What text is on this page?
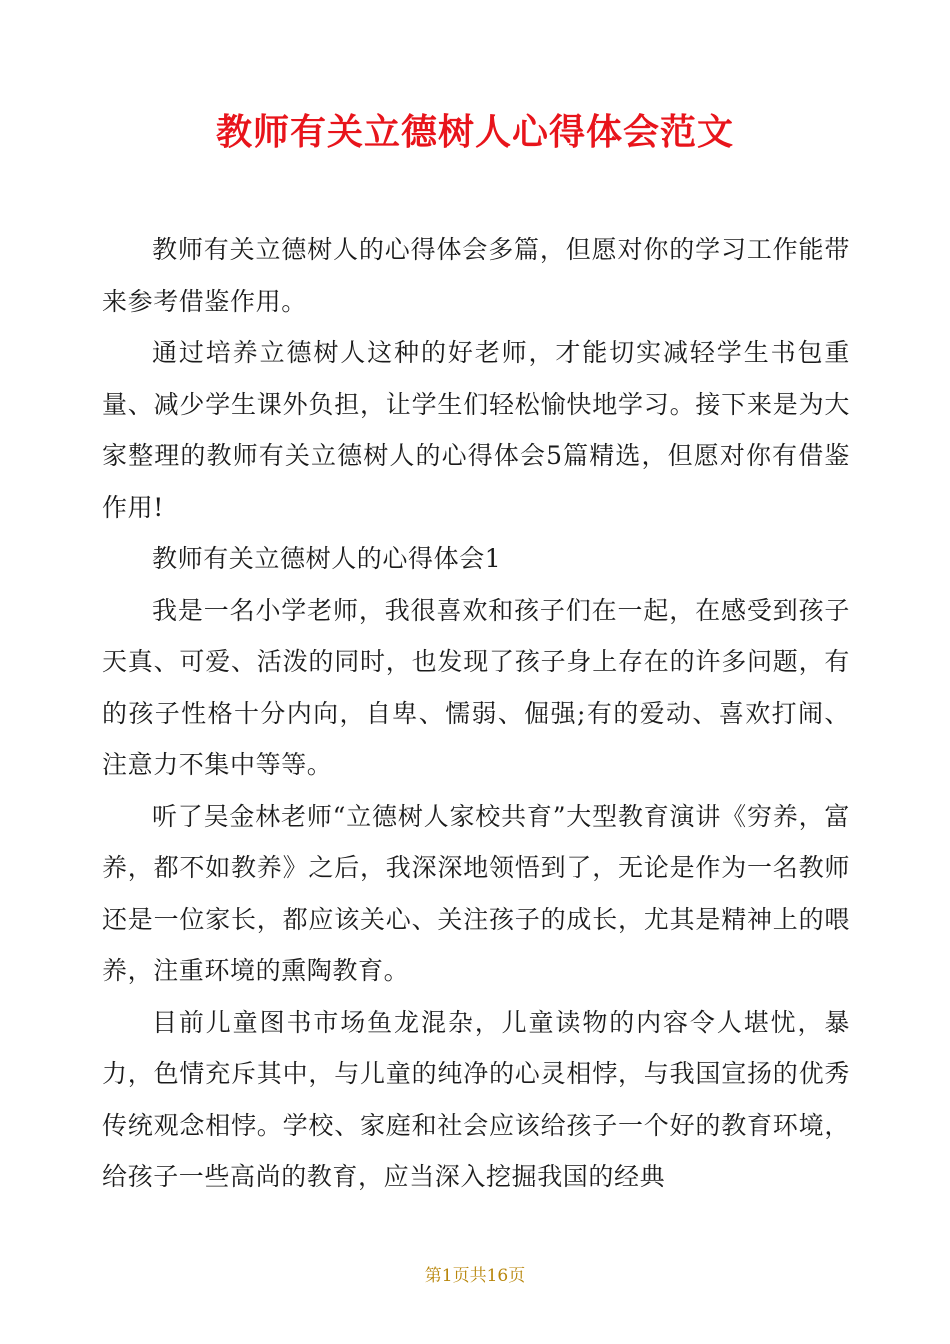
教师有关立德树人心得体会范文

教师有关立德树人的心得体会多篇，但愿对你的学习工作能带来参考借鉴作用。

通过培养立德树人这种的好老师，才能切实减轻学生书包重量、减少学生课外负担，让学生们轻松愉快地学习。接下来是为大家整理的教师有关立德树人的心得体会5篇精选，但愿对你有借鉴作用!

教师有关立德树人的心得体会1

我是一名小学老师，我很喜欢和孩子们在一起，在感受到孩子天真、可爱、活泼的同时，也发现了孩子身上存在的许多问题，有的孩子性格十分内向，自卑、懦弱、倔强;有的爱动、喜欢打闹、注意力不集中等等。

听了吴金林老师“立德树人家校共育”大型教育演讲《穷养，富养，都不如教养》之后，我深深地领悟到了，无论是作为一名教师还是一位家长，都应该关心、关注孩子的成长，尤其是精神上的喂养，注重环境的熏陶教育。

目前儿童图书市场鱼龙混杂，儿童读物的内容令人堪忧，暴力，色情充斥其中，与儿童的纯净的心灵相悖，与我国宣扬的优秀传统观念相悖。学校、家庭和社会应该给孩子一个好的教育环境，给孩子一些高尚的教育，应当深入挖掘我国的经典

第1页共16页
